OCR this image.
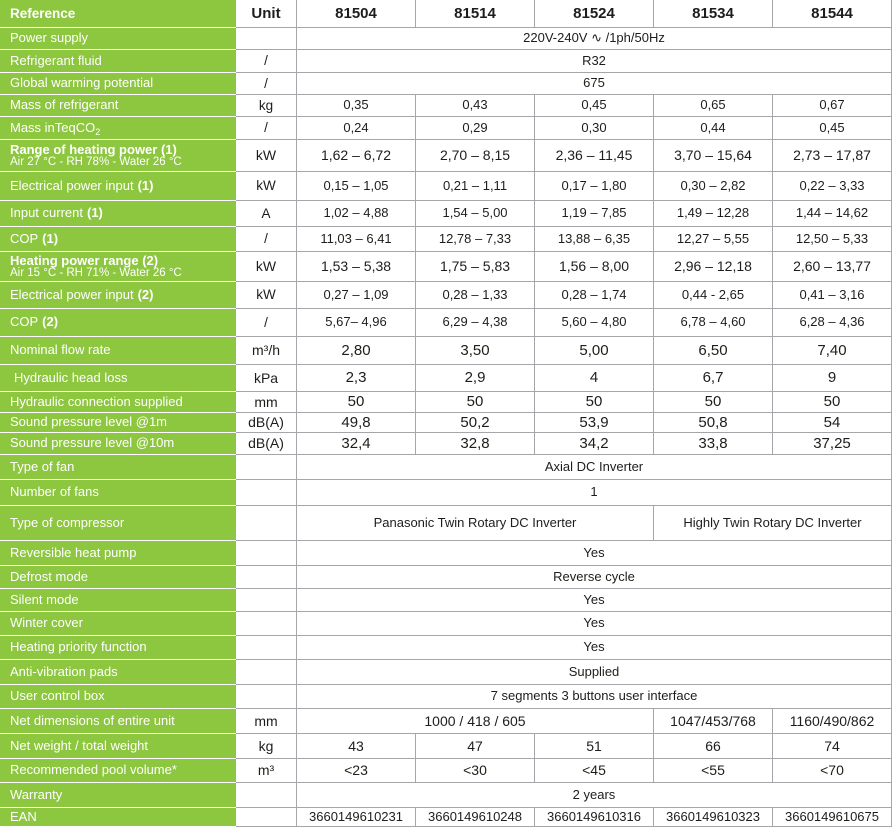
Reference	Unit	81504	81514	81524	81534	81544
Power supply	220V-240V ∿ /1ph/50Hz
Refrigerant fluid	/	R32
Global warming potential	/	675
Mass of refrigerant	kg	0,35	0,43	0,45	0,65	0,67
Mass inTeqCO$_2$	/	0,24	0,29	0,30	0,44	0,45
Range of heating power (1)
Air 27 °C - RH 78% - Water 26 °C	kW	1,62 – 6,72	2,70 – 8,15	2,36 – 11,45	3,70 – 15,64	2,73 – 17,87
Electrical power input (1)	kW	0,15 – 1,05	0,21 – 1,11	0,17 – 1,80	0,30 – 2,82	0,22 – 3,33
Input current (1)	A	1,02 – 4,88	1,54 – 5,00	1,19 – 7,85	1,49 – 12,28	1,44 – 14,62
COP (1)	/	11,03 – 6,41	12,78 – 7,33	13,88 – 6,35	12,27 – 5,55	12,50 – 5,33
Heating power range (2)
Air 15 °C - RH 71% - Water 26 °C	kW	1,53 – 5,38	1,75 – 5,83	1,56 – 8,00	2,96 – 12,18	2,60 – 13,77
Electrical power input (2)	kW	0,27 – 1,09	0,28 – 1,33	0,28 – 1,74	0,44 - 2,65	0,41 – 3,16
COP (2)	/	5,67– 4,96	6,29 – 4,38	5,60 – 4,80	6,78 – 4,60	6,28 – 4,36
Nominal flow rate	m³/h	2,80	3,50	5,00	6,50	7,40
Hydraulic head loss	kPa	2,3	2,9	4	6,7	9
Hydraulic connection supplied	mm	50	50	50	50	50
Sound pressure level @1m	dB(A)	49,8	50,2	53,9	50,8	54
Sound pressure level @10m	dB(A)	32,4	32,8	34,2	33,8	37,25
Type of fan	Axial DC Inverter
Number of fans	1
Type of compressor	Panasonic Twin Rotary DC Inverter	Highly Twin Rotary DC Inverter
Reversible heat pump	Yes
Defrost mode	Reverse cycle
Silent mode	Yes
Winter cover	Yes
Heating priority function	Yes
Anti-vibration pads	Supplied
User control box	7 segments 3 buttons user interface
Net dimensions of entire unit	mm	1000 / 418 / 605	1047/453/768	1160/490/862
Net weight / total weight	kg	43	47	51	66	74
Recommended pool volume*	m³	<23	<30	<45	<55	<70
Warranty	2 years
EAN	3660149610231	3660149610248	3660149610316	3660149610323	3660149610675
